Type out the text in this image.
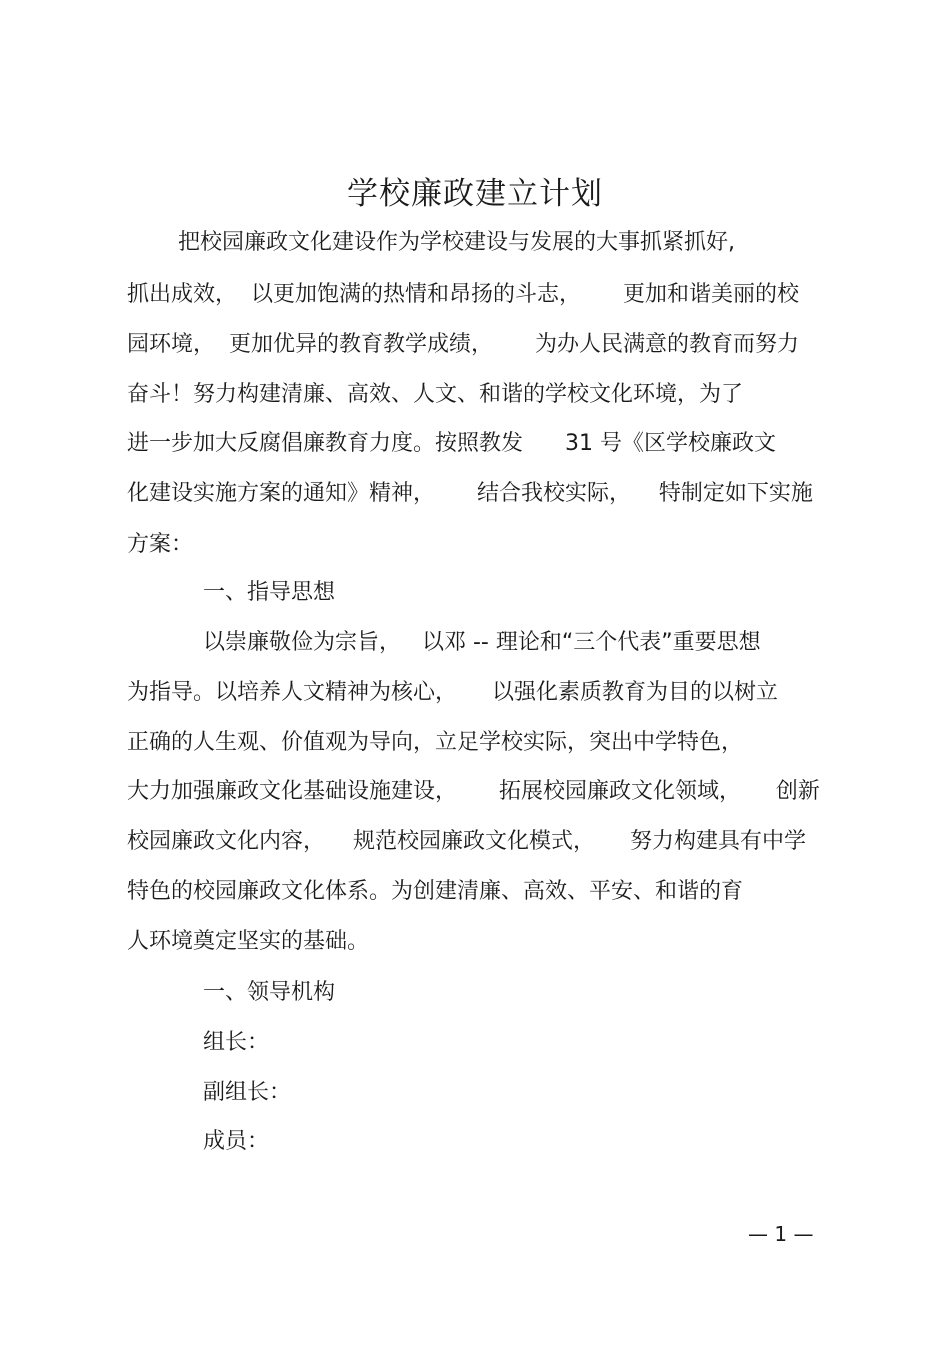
学校廉政建立计划
把校园廉政文化建设作为学校建设与发展的大事抓紧抓好,
抓出成效，  以更加饱满的热情和昂扬的斗志，      更加和谐美丽的校
园环境，  更加优异的教育教学成绩，      为办人民满意的教育而努力
奋斗！努力构建清廉、高效、人文、和谐的学校文化环境，为了
进一步加大反腐倡廉教育力度。按照教发      31 号《区学校廉政文
化建设实施方案的通知》精神，      结合我校实际，    特制定如下实施
方案：
一、指导思想
以崇廉敬俭为宗旨，   以邓 -- 理论和“三个代表”重要思想
为指导。以培养人文精神为核心，     以强化素质教育为目的以树立
正确的人生观、价值观为导向，立足学校实际，突出中学特色，
大力加强廉政文化基础设施建设，      拓展校园廉政文化领域，     创新
校园廉政文化内容，    规范校园廉政文化模式，     努力构建具有中学
特色的校园廉政文化体系。为创建清廉、高效、平安、和谐的育
人环境奠定坚实的基础。
一、领导机构
组长：
副组长：
成员：
— 1 —
